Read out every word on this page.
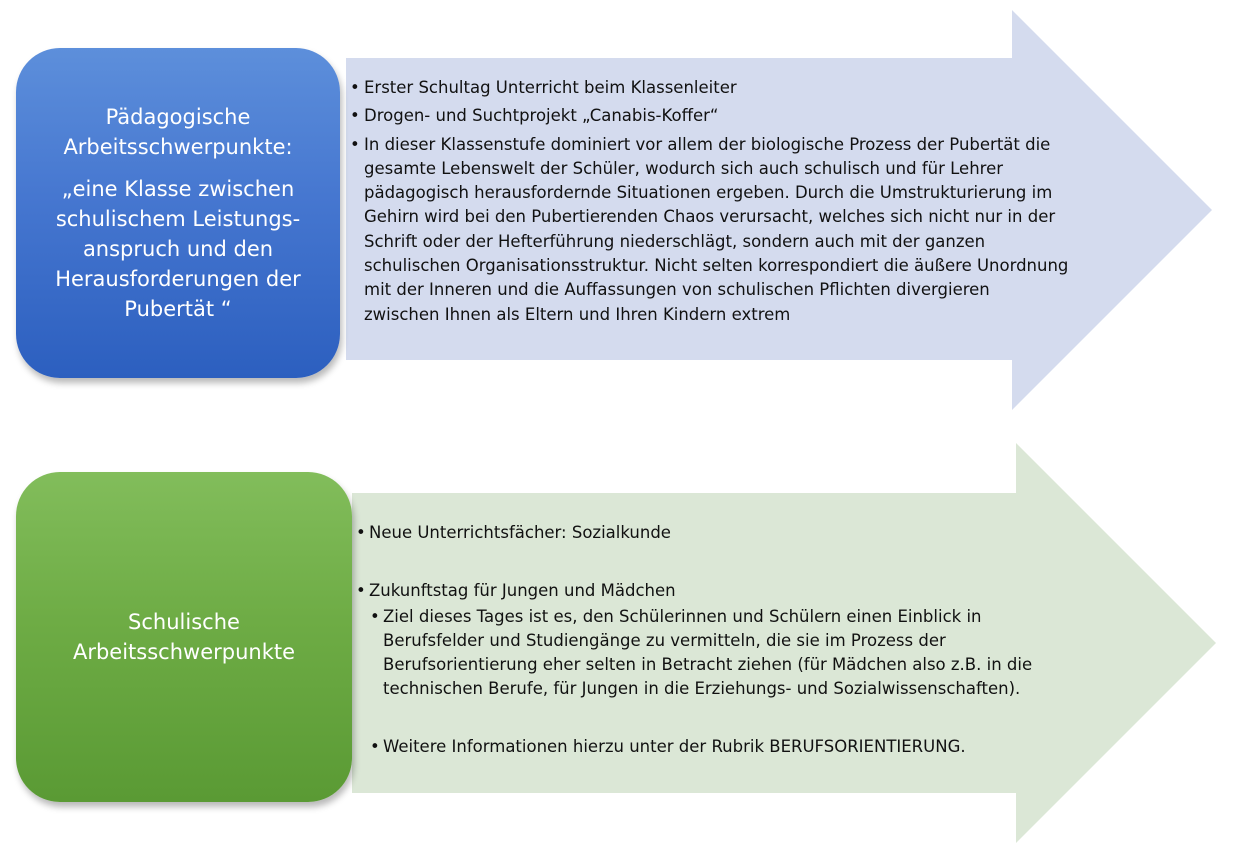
Pädagogische
Arbeitsschwerpunkte:
„eine Klasse zwischen
schulischem Leistungs-
anspruch und den
Herausforderungen der
Pubertät “
• Erster Schultag Unterricht beim Klassenleiter
• Drogen- und Suchtprojekt „Canabis-Koffer“
• In dieser Klassenstufe dominiert vor allem der biologische Prozess der Pubertät die gesamte Lebenswelt der Schüler, wodurch sich auch schulisch und für Lehrer pädagogisch herausfordernde Situationen ergeben. Durch die Umstrukturierung im Gehirn wird bei den Pubertierenden Chaos verursacht, welches sich nicht nur in der Schrift oder der Hefterführung niederschlägt, sondern auch mit der ganzen schulischen Organisationsstruktur. Nicht selten korrespondiert die äußere Unordnung mit der Inneren und die Auffassungen von schulischen Pflichten divergieren zwischen Ihnen als Eltern und Ihren Kindern extrem
Schulische
Arbeitsschwerpunkte
• Neue Unterrichtsfächer: Sozialkunde
• Zukunftstag für Jungen und Mädchen
• Ziel dieses Tages ist es, den Schülerinnen und Schülern einen Einblick in Berufsfelder und Studiengänge zu vermitteln, die sie im Prozess der Berufsorientierung eher selten in Betracht ziehen (für Mädchen also z.B. in die technischen Berufe, für Jungen in die Erziehungs- und Sozialwissenschaften).
• Weitere Informationen hierzu unter der Rubrik BERUFSORIENTIERUNG.
